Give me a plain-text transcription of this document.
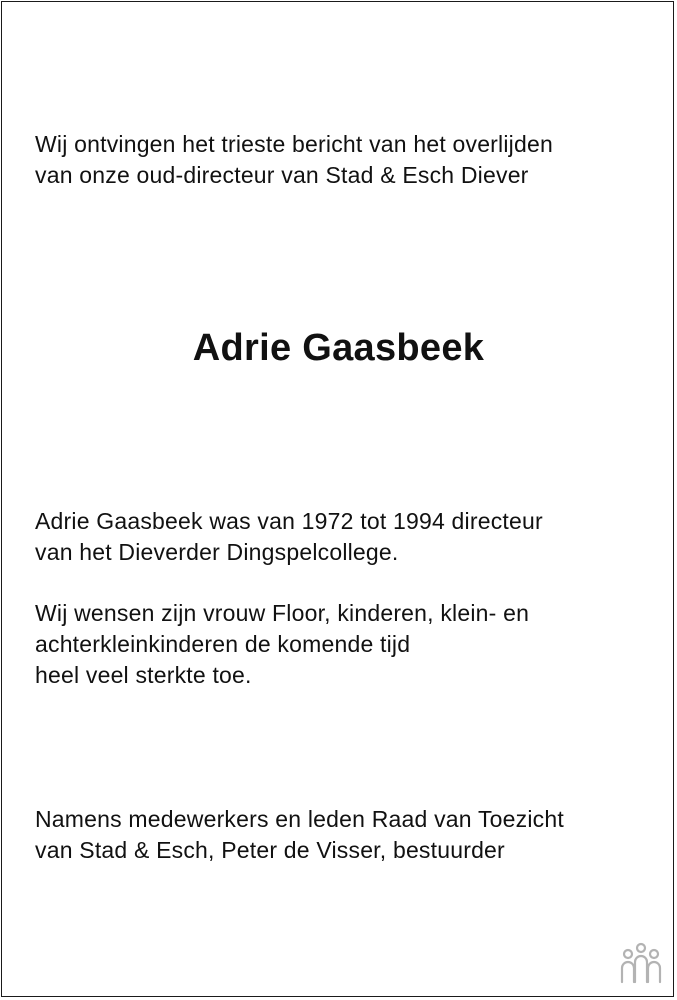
Wij ontvingen het trieste bericht van het overlijden
van onze oud-directeur van Stad & Esch Diever
Adrie Gaasbeek
Adrie Gaasbeek was van 1972 tot 1994 directeur
van het Dieverder Dingspelcollege.
Wij wensen zijn vrouw Floor, kinderen, klein- en
achterkleinkinderen de komende tijd
heel veel sterkte toe.
Namens medewerkers en leden Raad van Toezicht
van Stad & Esch, Peter de Visser, bestuurder
